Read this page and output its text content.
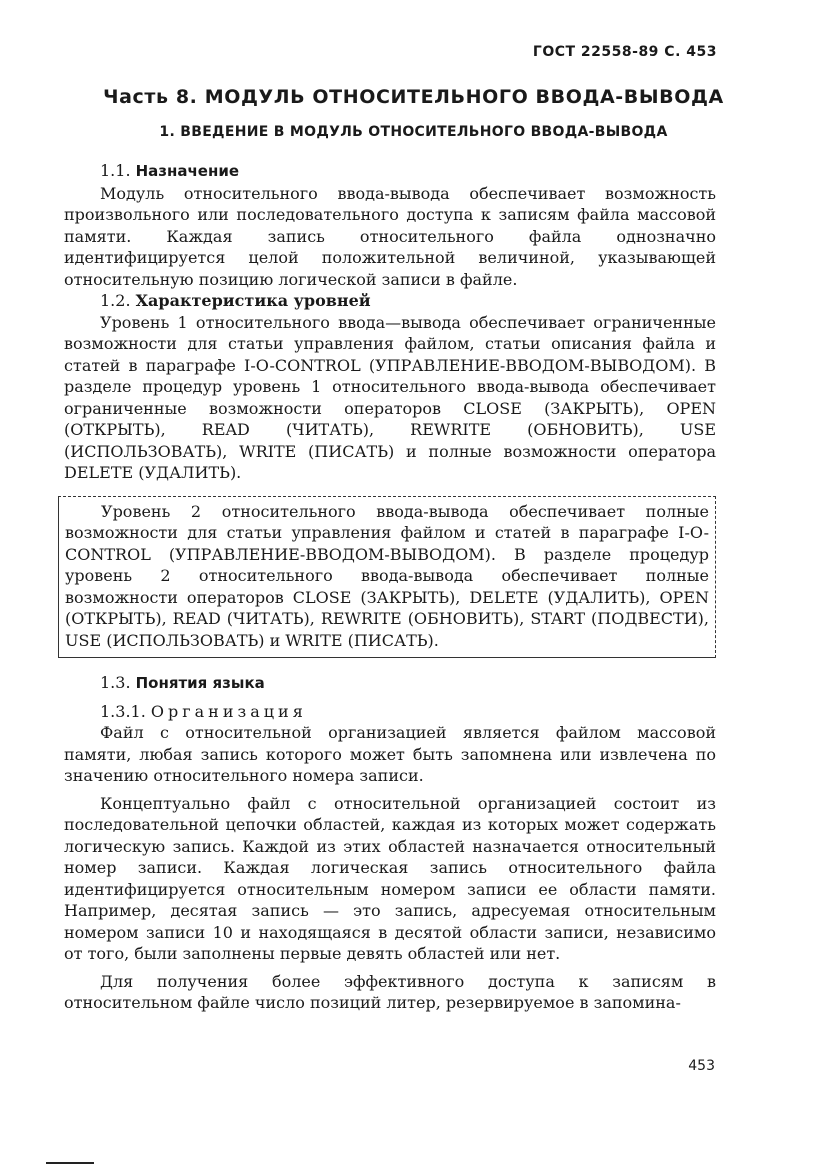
ГОСТ 22558-89 С. 453
Часть 8. МОДУЛЬ ОТНОСИТЕЛЬНОГО ВВОДА-ВЫВОДА
1. ВВЕДЕНИЕ В МОДУЛЬ ОТНОСИТЕЛЬНОГО ВВОДА-ВЫВОДА

1.1. Назначение

Модуль относительного ввода-вывода обеспечивает возможность произвольного или последовательного доступа к записям файла массовой памяти. Каждая запись относительного файла однозначно идентифицируется целой положительной величиной, указывающей относительную позицию логической записи в файле.

1.2. Характеристика уровней

Уровень 1 относительного ввода—вывода обеспечивает ограниченные возможности для статьи управления файлом, статьи описания файла и статей в параграфе I-O-CONTROL (УПРАВЛЕНИЕ-ВВОДОМ-ВЫВОДОМ). В разделе процедур уровень 1 относительного ввода-вывода обеспечивает ограниченные возможности операторов CLOSE (ЗАКРЫТЬ), OPEN (ОТКРЫТЬ), READ (ЧИТАТЬ), REWRITE (ОБНОВИТЬ), USE (ИСПОЛЬЗОВАТЬ), WRITE (ПИСАТЬ) и полные возможности оператора DELETE (УДАЛИТЬ).

Уровень 2 относительного ввода-вывода обеспечивает полные возможности для статьи управления файлом и статей в параграфе I-O-CONTROL (УПРАВЛЕНИЕ-ВВОДОМ-ВЫВОДОМ). В разделе процедур уровень 2 относительного ввода-вывода обеспечивает полные возможности операторов CLOSE (ЗАКРЫТЬ), DELETE (УДАЛИТЬ), OPEN (ОТКРЫТЬ), READ (ЧИТАТЬ), REWRITE (ОБНОВИТЬ), START (ПОДВЕСТИ), USE (ИСПОЛЬЗОВАТЬ) и WRITE (ПИСАТЬ).

1.3. Понятия языка

1.3.1. Организация

Файл с относительной организацией является файлом массовой памяти, любая запись которого может быть запомнена или извлечена по значению относительного номера записи.

Концептуально файл с относительной организацией состоит из последовательной цепочки областей, каждая из которых может содержать логическую запись. Каждой из этих областей назначается относительный номер записи. Каждая логическая запись относительного файла идентифицируется относительным номером записи ее области памяти. Например, десятая запись — это запись, адресуемая относительным номером записи 10 и находящаяся в десятой области записи, независимо от того, были заполнены первые девять областей или нет.

Для получения более эффективного доступа к записям в относительном файле число позиций литер, резервируемое в запомина-

453
